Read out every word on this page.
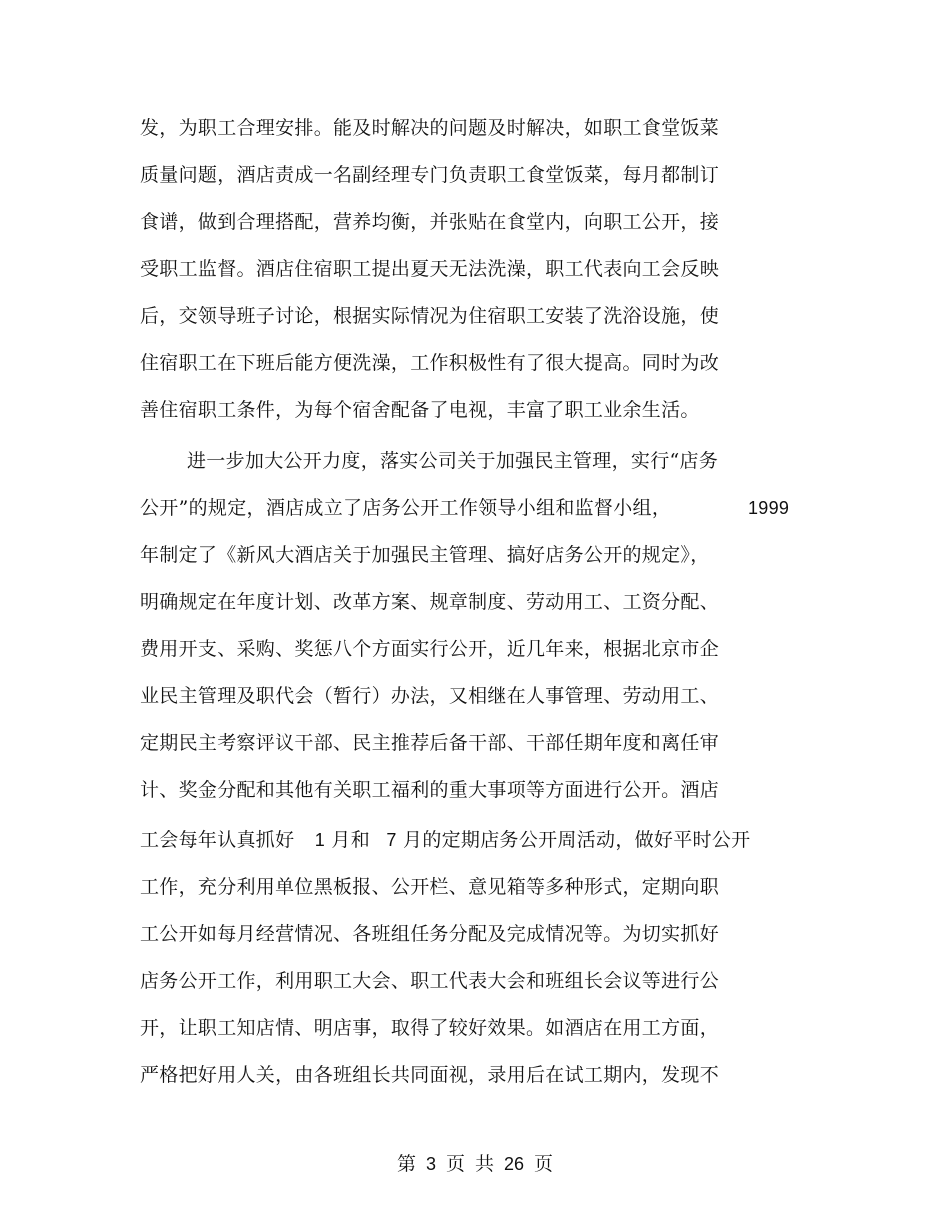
发，为职工合理安排。能及时解决的问题及时解决，如职工食堂饭菜
质量问题，酒店责成一名副经理专门负责职工食堂饭菜，每月都制订
食谱，做到合理搭配，营养均衡，并张贴在食堂内，向职工公开，接
受职工监督。酒店住宿职工提出夏天无法洗澡，职工代表向工会反映
后，交领导班子讨论，根据实际情况为住宿职工安装了洗浴设施，使
住宿职工在下班后能方便洗澡，工作积极性有了很大提高。同时为改
善住宿职工条件，为每个宿舍配备了电视，丰富了职工业余生活。
进一步加大公开力度，落实公司关于加强民主管理，实行“店务
公开”的规定，酒店成立了店务公开工作领导小组和监督小组，	1999
年制定了《新风大酒店关于加强民主管理、搞好店务公开的规定》，
明确规定在年度计划、改革方案、规章制度、劳动用工、工资分配、
费用开支、采购、奖惩八个方面实行公开，近几年来，根据北京市企
业民主管理及职代会（暂行）办法，又相继在人事管理、劳动用工、
定期民主考察评议干部、民主推荐后备干部、干部任期年度和离任审
计、奖金分配和其他有关职工福利的重大事项等方面进行公开。酒店
工会每年认真抓好 1 月和 7 月的定期店务公开周活动，做好平时公开
工作，充分利用单位黑板报、公开栏、意见箱等多种形式，定期向职
工公开如每月经营情况、各班组任务分配及完成情况等。为切实抓好
店务公开工作，利用职工大会、职工代表大会和班组长会议等进行公
开，让职工知店情、明店事，取得了较好效果。如酒店在用工方面，
严格把好用人关，由各班组长共同面视，录用后在试工期内，发现不
第 3 页 共 26 页
